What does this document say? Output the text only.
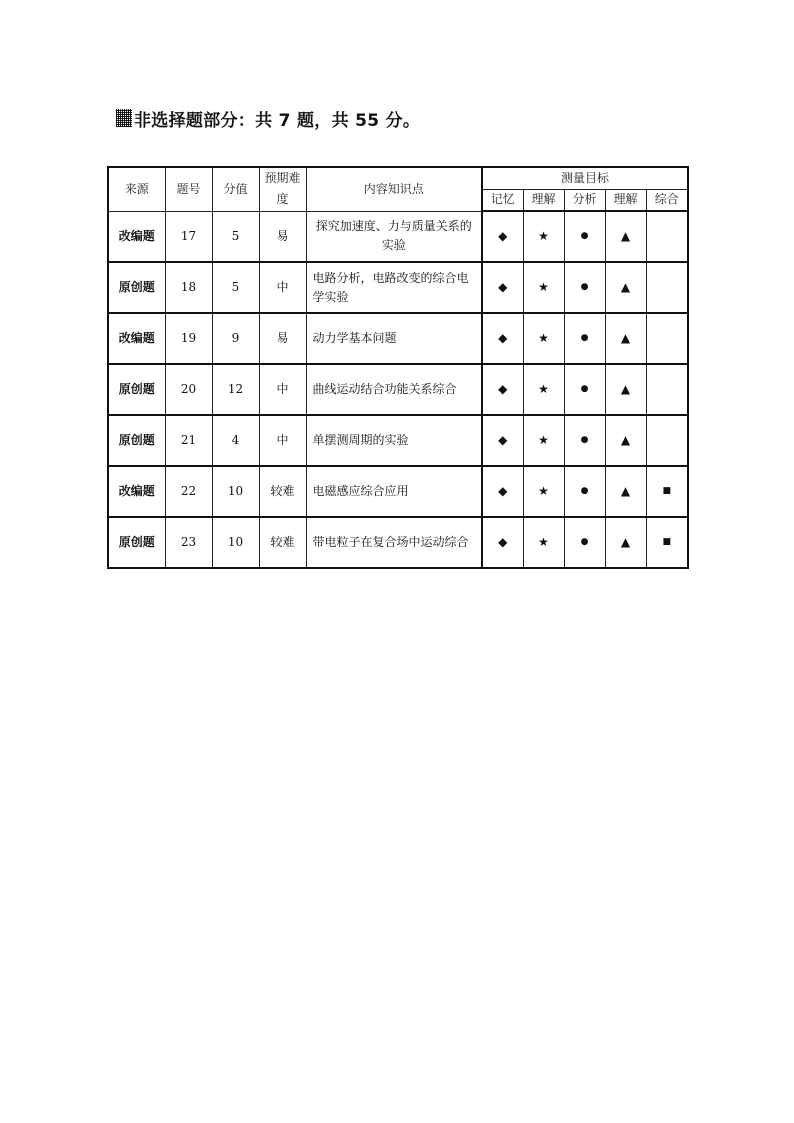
非选择题部分：共 7 题，共 55 分。
来源	题号	分值	预期难度	内容知识点	测量目标				
					记忆	理解	分析	理解	综合
改编题	17	5	易	探究加速度、力与质量关系的实验	◆	★	●	▲	
原创题	18	5	中	电路分析，电路改变的综合电学实验	◆	★	●	▲	
改编题	19	9	易	动力学基本问题	◆	★	●	▲	
原创题	20	12	中	曲线运动结合功能关系综合	◆	★	●	▲	
原创题	21	4	中	单摆测周期的实验	◆	★	●	▲	
改编题	22	10	较难	电磁感应综合应用	◆	★	●	▲	■
原创题	23	10	较难	带电粒子在复合场中运动综合	◆	★	●	▲	■
